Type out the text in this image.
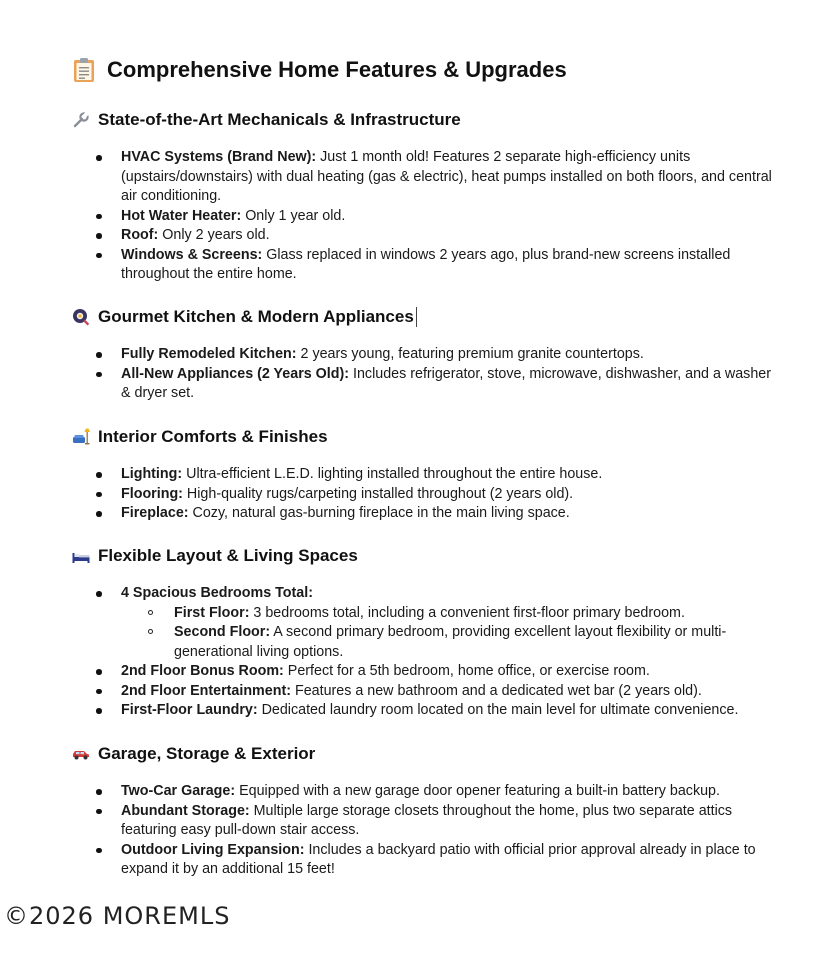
Comprehensive Home Features & Upgrades
State-of-the-Art Mechanicals & Infrastructure
HVAC Systems (Brand New): Just 1 month old! Features 2 separate high-efficiency units (upstairs/downstairs) with dual heating (gas & electric), heat pumps installed on both floors, and central air conditioning.
Hot Water Heater: Only 1 year old.
Roof: Only 2 years old.
Windows & Screens: Glass replaced in windows 2 years ago, plus brand-new screens installed throughout the entire home.
Gourmet Kitchen & Modern Appliances
Fully Remodeled Kitchen: 2 years young, featuring premium granite countertops.
All-New Appliances (2 Years Old): Includes refrigerator, stove, microwave, dishwasher, and a washer & dryer set.
Interior Comforts & Finishes
Lighting: Ultra-efficient L.E.D. lighting installed throughout the entire house.
Flooring: High-quality rugs/carpeting installed throughout (2 years old).
Fireplace: Cozy, natural gas-burning fireplace in the main living space.
Flexible Layout & Living Spaces
4 Spacious Bedrooms Total:
First Floor: 3 bedrooms total, including a convenient first-floor primary bedroom.
Second Floor: A second primary bedroom, providing excellent layout flexibility or multi-generational living options.
2nd Floor Bonus Room: Perfect for a 5th bedroom, home office, or exercise room.
2nd Floor Entertainment: Features a new bathroom and a dedicated wet bar (2 years old).
First-Floor Laundry: Dedicated laundry room located on the main level for ultimate convenience.
Garage, Storage & Exterior
Two-Car Garage: Equipped with a new garage door opener featuring a built-in battery backup.
Abundant Storage: Multiple large storage closets throughout the home, plus two separate attics featuring easy pull-down stair access.
Outdoor Living Expansion: Includes a backyard patio with official prior approval already in place to expand it by an additional 15 feet!
©2026 MOREMLS
